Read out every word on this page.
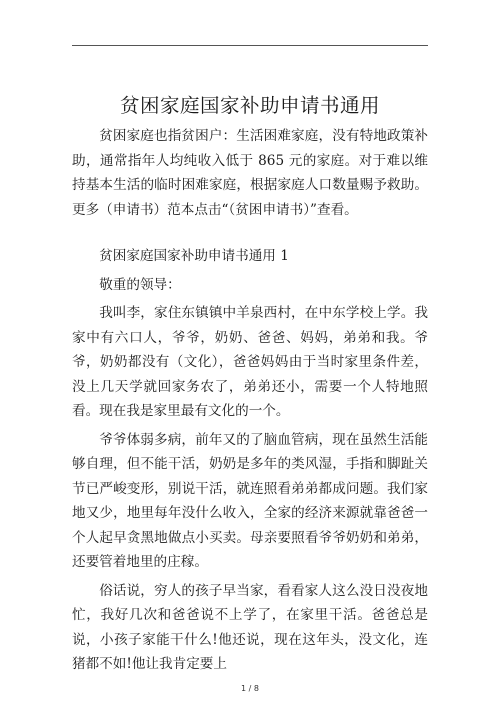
贫困家庭国家补助申请书通用

贫困家庭也指贫困户：生活困难家庭，没有特地政策补助，通常指年人均纯收入低于 865 元的家庭。对于难以维持基本生活的临时困难家庭，根据家庭人口数量赐予救助。更多（申请书）范本点击“（贫困申请书）”查看。

贫困家庭国家补助申请书通用 1

敬重的领导：

我叫李，家住东镇镇中羊泉西村，在中东学校上学。我家中有六口人，爷爷，奶奶、爸爸、妈妈，弟弟和我。爷爷，奶奶都没有（文化），爸爸妈妈由于当时家里条件差，没上几天学就回家务农了，弟弟还小，需要一个人特地照看。现在我是家里最有文化的一个。

爷爷体弱多病，前年又的了脑血管病，现在虽然生活能够自理，但不能干活，奶奶是多年的类风湿，手指和脚趾关节已严峻变形，别说干活，就连照看弟弟都成问题。我们家地又少，地里每年没什么收入，全家的经济来源就靠爸爸一个人起早贪黑地做点小买卖。母亲要照看爷爷奶奶和弟弟，还要管着地里的庄稼。

俗话说，穷人的孩子早当家，看看家人这么没日没夜地忙，我好几次和爸爸说不上学了，在家里干活。爸爸总是说，小孩子家能干什么!他还说，现在这年头，没文化，连猪都不如!他让我肯定要上

1 / 8
